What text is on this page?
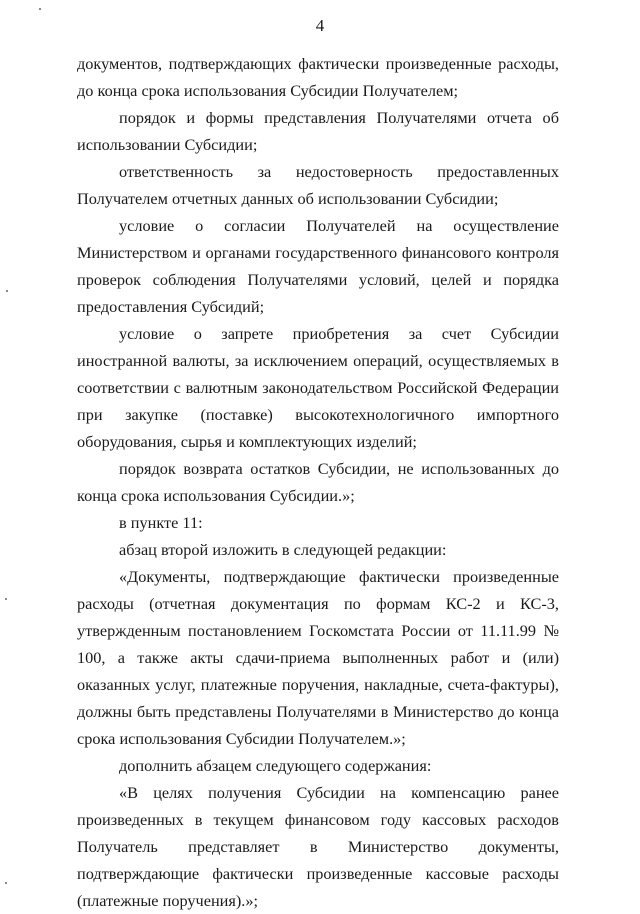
4

документов, подтверждающих фактически произведенные расходы, до конца срока использования Субсидии Получателем;

порядок и формы представления Получателями отчета об использовании Субсидии;

ответственность за недостоверность предоставленных Получателем отчетных данных об использовании Субсидии;

условие о согласии Получателей на осуществление Министерством и органами государственного финансового контроля проверок соблюдения Получателями условий, целей и порядка предоставления Субсидий;

условие о запрете приобретения за счет Субсидии иностранной валюты, за исключением операций, осуществляемых в соответствии с валютным законодательством Российской Федерации при закупке (поставке) высокотехнологичного импортного оборудования, сырья и комплектующих изделий;

порядок возврата остатков Субсидии, не использованных до конца срока использования Субсидии.»;

в пункте 11:

абзац второй изложить в следующей редакции:

«Документы, подтверждающие фактически произведенные расходы (отчетная документация по формам КС-2 и КС-3, утвержденным постановлением Госкомстата России от 11.11.99 № 100, а также акты сдачи-приема выполненных работ и (или) оказанных услуг, платежные поручения, накладные, счета-фактуры), должны быть представлены Получателями в Министерство до конца срока использования Субсидии Получателем.»;

дополнить абзацем следующего содержания:

«В целях получения Субсидии на компенсацию ранее произведенных в текущем финансовом году кассовых расходов Получатель представляет в Министерство документы, подтверждающие фактически произведенные кассовые расходы (платежные поручения).»;
